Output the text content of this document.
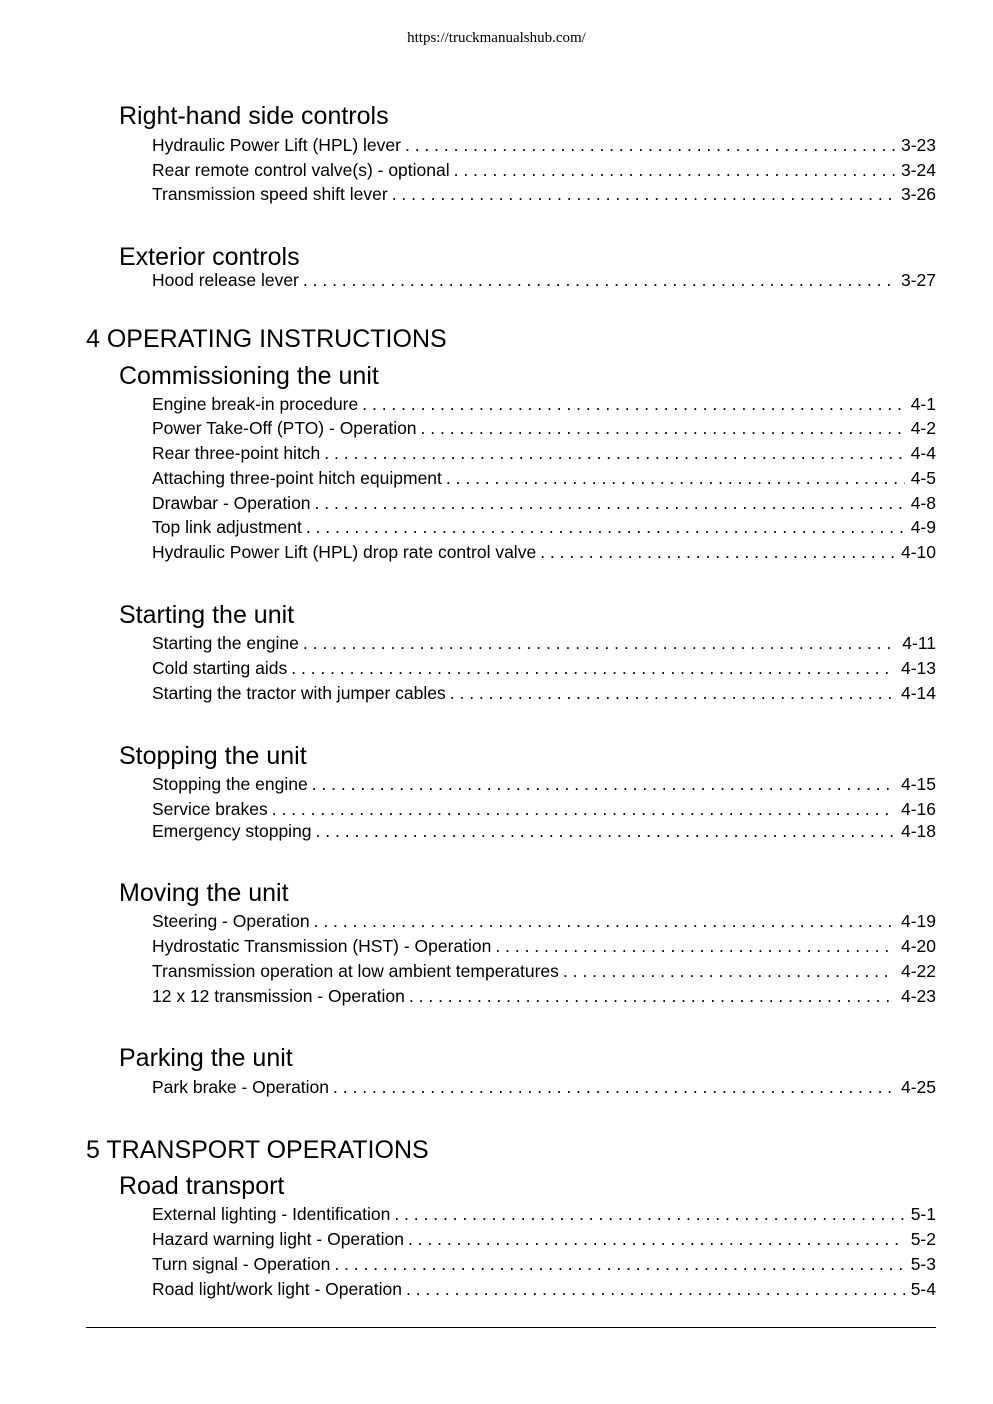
https://truckmanualshub.com/
Right-hand side controls
Hydraulic Power Lift (HPL) lever . . .	3-23
Rear remote control valve(s) - optional . . .	3-24
Transmission speed shift lever . . .	3-26
Exterior controls
Hood release lever . . .	3-27
4 OPERATING INSTRUCTIONS
Commissioning the unit
Engine break-in procedure . . .	4-1
Power Take-Off (PTO) - Operation . . .	4-2
Rear three-point hitch . . .	4-4
Attaching three-point hitch equipment . . .	4-5
Drawbar - Operation . . .	4-8
Top link adjustment . . .	4-9
Hydraulic Power Lift (HPL) drop rate control valve . . .	4-10
Starting the unit
Starting the engine . . .	4-11
Cold starting aids . . .	4-13
Starting the tractor with jumper cables . . .	4-14
Stopping the unit
Stopping the engine . . .	4-15
Service brakes . . .	4-16
Emergency stopping . . .	4-18
Moving the unit
Steering - Operation . . .	4-19
Hydrostatic Transmission (HST) - Operation . . .	4-20
Transmission operation at low ambient temperatures . . .	4-22
12 x 12 transmission - Operation . . .	4-23
Parking the unit
Park brake - Operation . . .	4-25
5 TRANSPORT OPERATIONS
Road transport
External lighting - Identification . . .	5-1
Hazard warning light - Operation . . .	5-2
Turn signal - Operation . . .	5-3
Road light/work light - Operation . . .	5-4
